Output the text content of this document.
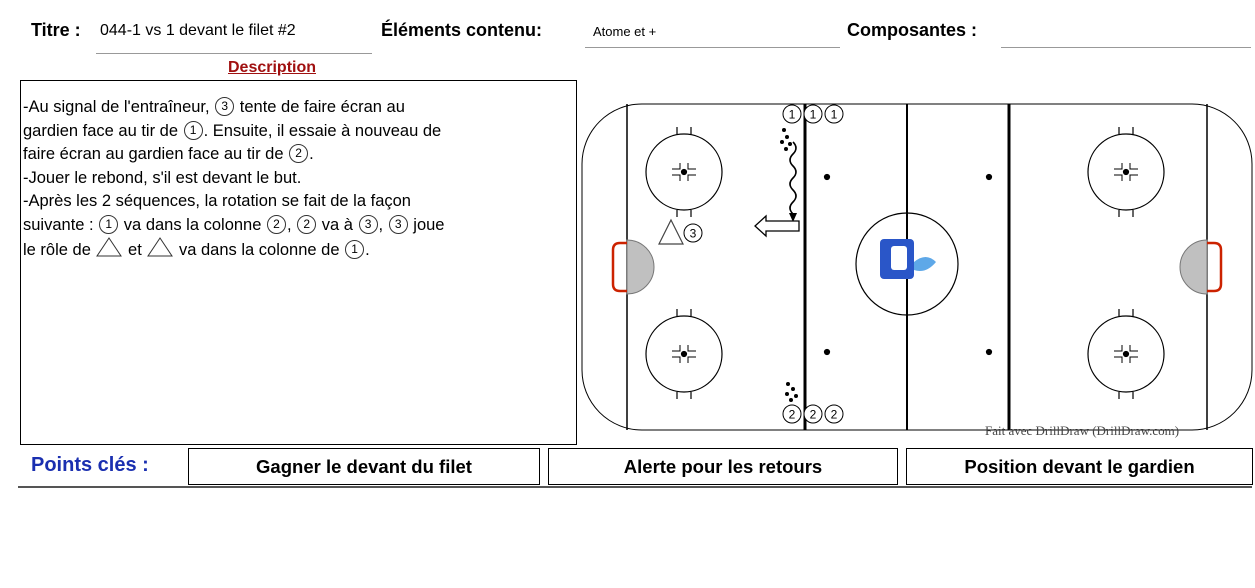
Titre : 044-1 vs 1 devant le filet #2	Éléments contenu:	Atome et +	Composantes :
Description
-Au signal de l'entraîneur, 3 tente de faire écran au
gardien face au tir de 1 . Ensuite, il essaie à nouveau de
faire écran au gardien face au tir de 2 .
-Jouer le rebond, s'il est devant le but.
-Après les 2 séquences, la rotation se fait de la façon
suivante : 1 va dans la colonne 2 , 2 va à 3 , 3 joue
le rôle de  et  va dans la colonne de 1 .
1 1 1
2 2 2
3
Fait avec DrillDraw (DrillDraw.com)
Points clés :	Gagner le devant du filet	Alerte pour les retours	Position devant le gardien
